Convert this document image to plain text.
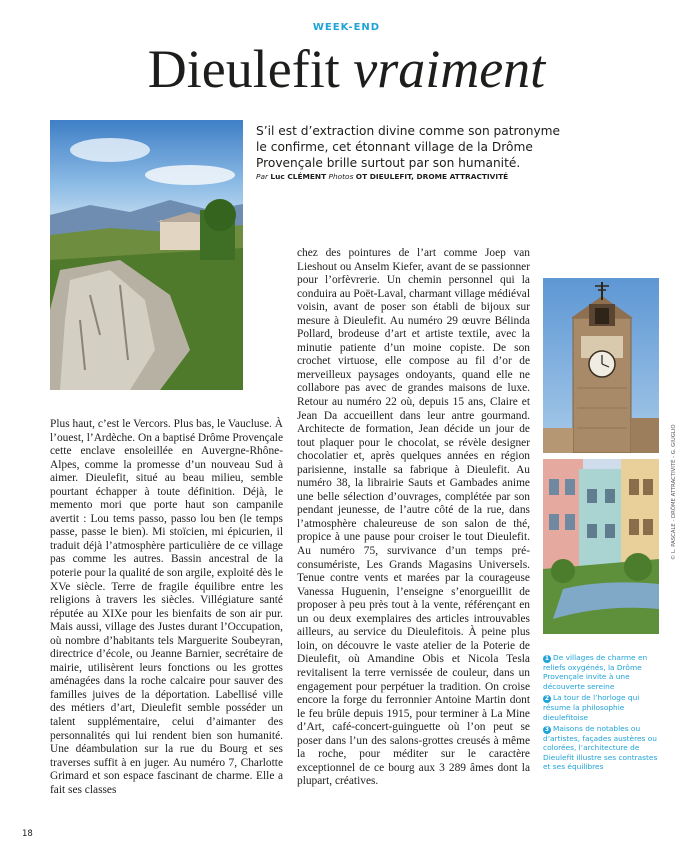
WEEK-END
Dieulefit vraiment
S’il est d’extraction divine comme son patronyme le confirme, cet étonnant village de la Drôme Provençale brille surtout par son humanité.
Par Luc CLÉMENT Photos OT DIEULEFIT, DROME ATTRACTIVITÉ
Plus haut, c’est le Vercors. Plus bas, le Vaucluse. À l’ouest, l’Ardèche. On a baptisé Drôme Provençale cette enclave ensoleillée en Auvergne-Rhône-Alpes, comme la promesse d’un nouveau Sud à aimer. Dieulefit, situé au beau milieu, semble pourtant échapper à toute définition. Déjà, le memento mori que porte haut son campanile avertit : Lou tems passo, passo lou ben (le temps passe, passe le bien). Mi stoïcien, mi épicurien, il traduit déjà l’atmosphère particulière de ce village pas comme les autres. Bassin ancestral de la poterie pour la qualité de son argile, exploité dès le XVe siècle. Terre de fragile équilibre entre les religions à travers les siècles. Villégiature santé réputée au XIXe pour les bienfaits de son air pur. Mais aussi, village des Justes durant l’Occupation, où nombre d’habitants tels Marguerite Soubeyran, directrice d’école, ou Jeanne Barnier, secrétaire de mairie, utilisèrent leurs fonctions ou les grottes aménagées dans la roche calcaire pour sauver des familles juives de la déportation. Labellisé ville des métiers d’art, Dieulefit semble posséder un talent supplémentaire, celui d’aimanter des personnalités qui lui rendent bien son humanité. Une déambulation sur la rue du Bourg et ses traverses suffit à en juger. Au numéro 7, Charlotte Grimard et son espace fascinant de charme. Elle a fait ses classes
chez des pointures de l’art comme Joep van Lieshout ou Anselm Kiefer, avant de se passionner pour l’orfèvrerie. Un chemin personnel qui la conduira au Poët-Laval, charmant village médiéval voisin, avant de poser son établi de bijoux sur mesure à Dieulefit. Au numéro 29 œuvre Bélinda Pollard, brodeuse d’art et artiste textile, avec la minutie patiente d’un moine copiste. De son crochet virtuose, elle compose au fil d’or de merveilleux paysages ondoyants, quand elle ne collabore pas avec de grandes maisons de luxe. Retour au numéro 22 où, depuis 15 ans, Claire et Jean Da accueillent dans leur antre gourmand. Architecte de formation, Jean décide un jour de tout plaquer pour le chocolat, se révèle designer chocolatier et, après quelques années en région parisienne, installe sa fabrique à Dieulefit. Au numéro 38, la librairie Sauts et Gambades anime une belle sélection d’ouvrages, complétée par son pendant jeunesse, de l’autre côté de la rue, dans l’atmosphère chaleureuse de son salon de thé, propice à une pause pour croiser le tout Dieulefit. Au numéro 75, survivance d’un temps pré-consumériste, Les Grands Magasins Universels. Tenue contre vents et marées par la courageuse Vanessa Huguenin, l’enseigne s’enorgueillit de proposer à peu près tout à la vente, référençant en un ou deux exemplaires des articles introuvables ailleurs, au service du Dieulefitois. À peine plus loin, on découvre le vaste atelier de la Poterie de Dieulefit, où Amandine Obis et Nicola Tesla revitalisent la terre vernissée de couleur, dans un engagement pour perpétuer la tradition. On croise encore la forge du ferronnier Antoine Martin dont le feu brûle depuis 1915, pour terminer à La Mine d’Art, café-concert-guinguette où l’on peut se poser dans l’un des salons-grottes creusés à même la roche, pour méditer sur le caractère exceptionnel de ce bourg aux 3 289 âmes dont la plupart, créatives.
© L. PASCALE - DRÔME ATTRACTIVITÉ - G. GIUGLIO
1 De villages de charme en reliefs oxygénés, la Drôme Provençale invite à une découverte sereine
2 La tour de l’horloge qui résume la philosophie dieulefitoise
3 Maisons de notables ou d’artistes, façades austères ou colorées, l’architecture de Dieulefit illustre ses contrastes et ses équilibres
18
